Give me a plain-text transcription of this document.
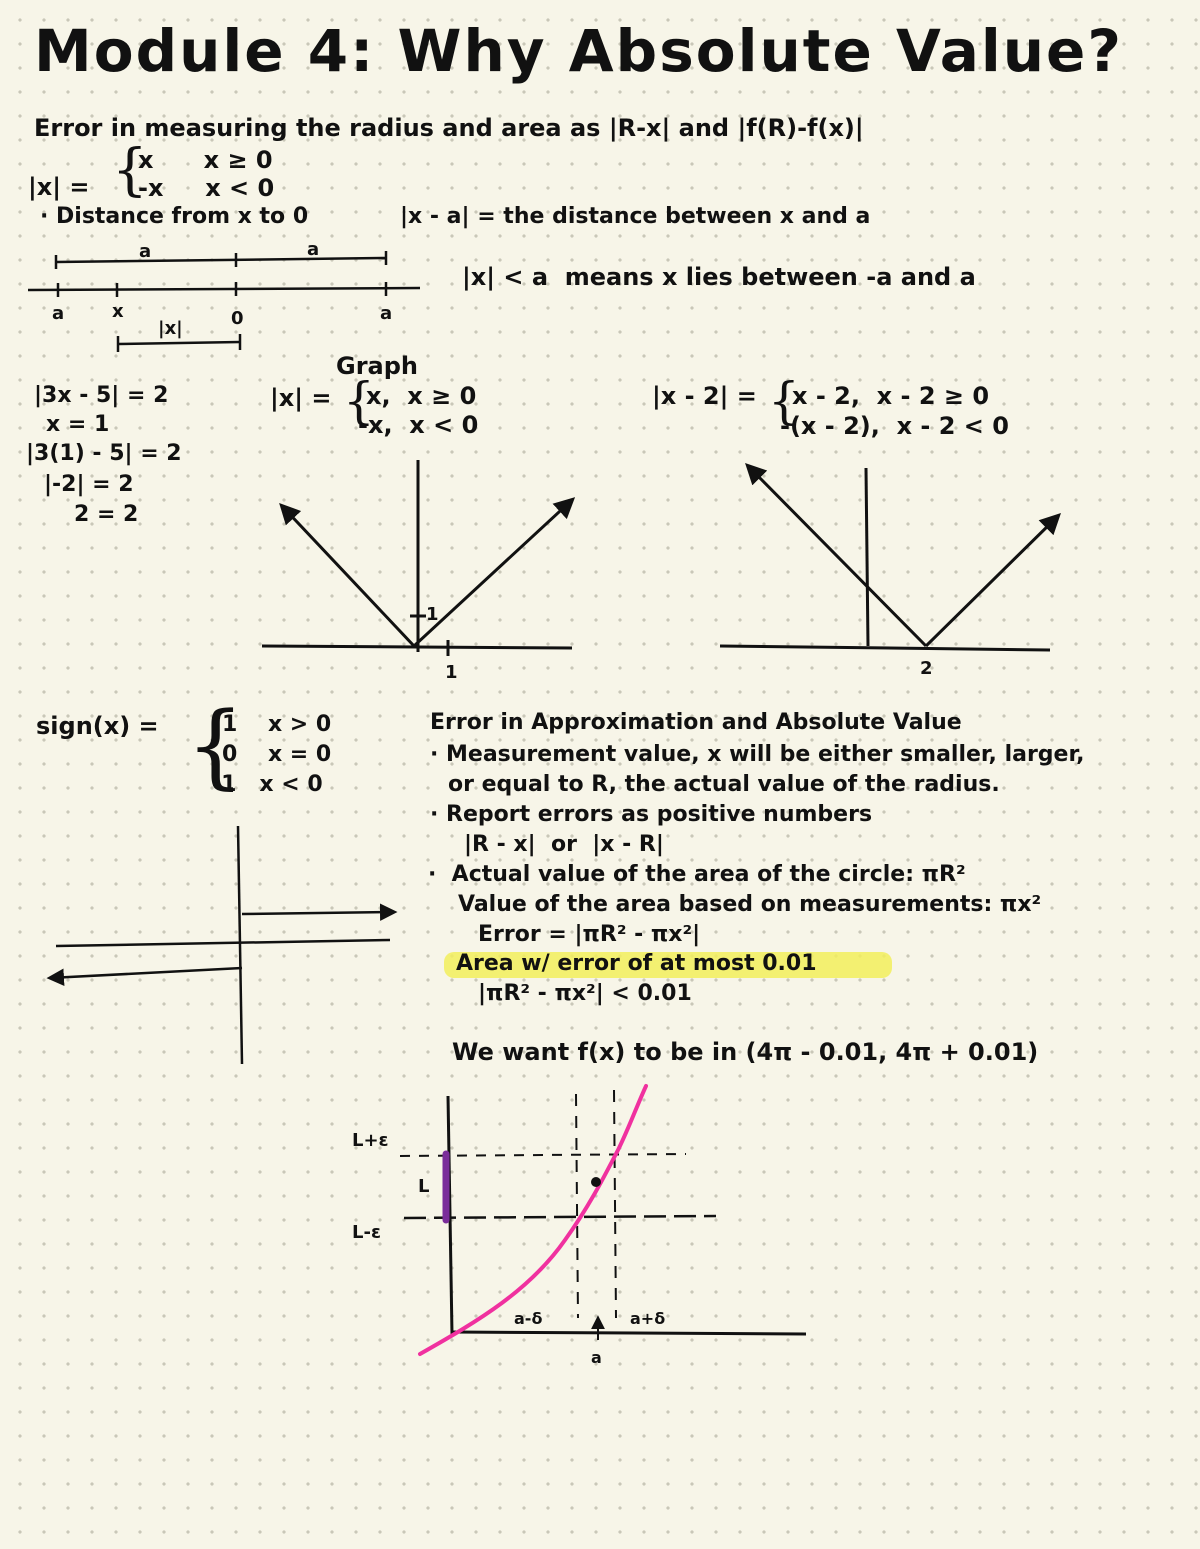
Module 4: Why Absolute Value?
Error in measuring the radius and area as |R-x| and |f(R)-f(x)|
|x| = {
x      x ≥ 0
-x     x < 0
· Distance from x to 0	|x - a| = the distance between x and a
|x| < a  means x lies between -a and a
a	a
a	x	0	a
|x|
|3x - 5| = 2
x = 1
|3(1) - 5| = 2
|-2| = 2
2 = 2
Graph
|x| = {
x,  x ≥ 0
-x,  x < 0
1
1
|x - 2| = {
x - 2,  x - 2 ≥ 0
-(x - 2),  x - 2 < 0
2
sign(x) = {
1    x > 0
0    x = 0
-1   x < 0
Error in Approximation and Absolute Value
· Measurement value, x will be either smaller, larger,
or equal to R, the actual value of the radius.
· Report errors as positive numbers
|R - x|  or  |x - R|
·  Actual value of the area of the circle: πR²
Value of the area based on measurements: πx²
Error = |πR² - πx²|
Area w/ error of at most 0.01
|πR² - πx²| < 0.01
We want f(x) to be in (4π - 0.01, 4π + 0.01)
L+ε
L
L-ε
a-δ	a+δ
a
